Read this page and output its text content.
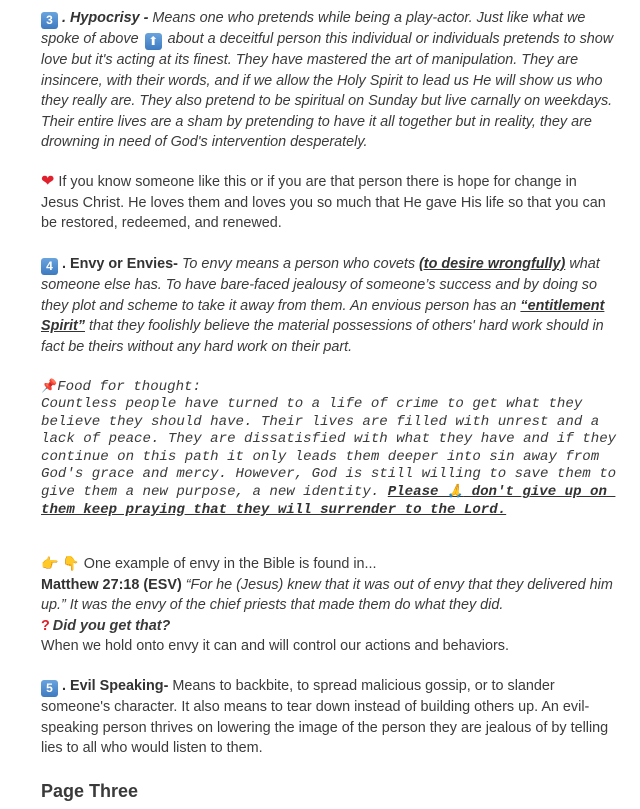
3 . Hypocrisy - Means one who pretends while being a play-actor. Just like what we spoke of above ⬆ about a deceitful person this individual or individuals pretends to show love but it's acting at its finest. They have mastered the art of manipulation. They are insincere, with their words, and if we allow the Holy Spirit to lead us He will show us who they really are. They also pretend to be spiritual on Sunday but live carnally on weekdays. Their entire lives are a sham by pretending to have it all together but in reality, they are drowning in need of God's intervention desperately.

❤ If you know someone like this or if you are that person there is hope for change in Jesus Christ. He loves them and loves you so much that He gave His life so that you can be restored, redeemed, and renewed.

4 . Envy or Envies- To envy means a person who covets (to desire wrongfully) what someone else has. To have bare-faced jealousy of someone’s success and by doing so they plot and scheme to take it away from them. An envious person has an “entitlement Spirit” that they foolishly believe the material possessions of others' hard work should in fact be theirs without any hard work on their part.

📌Food for thought:
Countless people have turned to a life of crime to get what they believe they should have. Their lives are filled with unrest and a lack of peace. They are dissatisfied with what they have and if they continue on this path it only leads them deeper into sin away from God's grace and mercy. However, God is still willing to save them to give them a new purpose, a new identity. Please 🙏 don't give up on them keep praying that they will surrender to the Lord.

👉 👇 One example of envy in the Bible is found in...
Matthew 27:18 (ESV) “For he (Jesus) knew that it was out of envy that they delivered him up.” It was the envy of the chief priests that made them do what they did.
? Did you get that?
When we hold onto envy it can and will control our actions and behaviors.

5 . Evil Speaking- Means to backbite, to spread malicious gossip, or to slander someone's character. It also means to tear down instead of building others up. An evil-speaking person thrives on lowering the image of the person they are jealous of by telling lies to all who would listen to them.

Page Three
